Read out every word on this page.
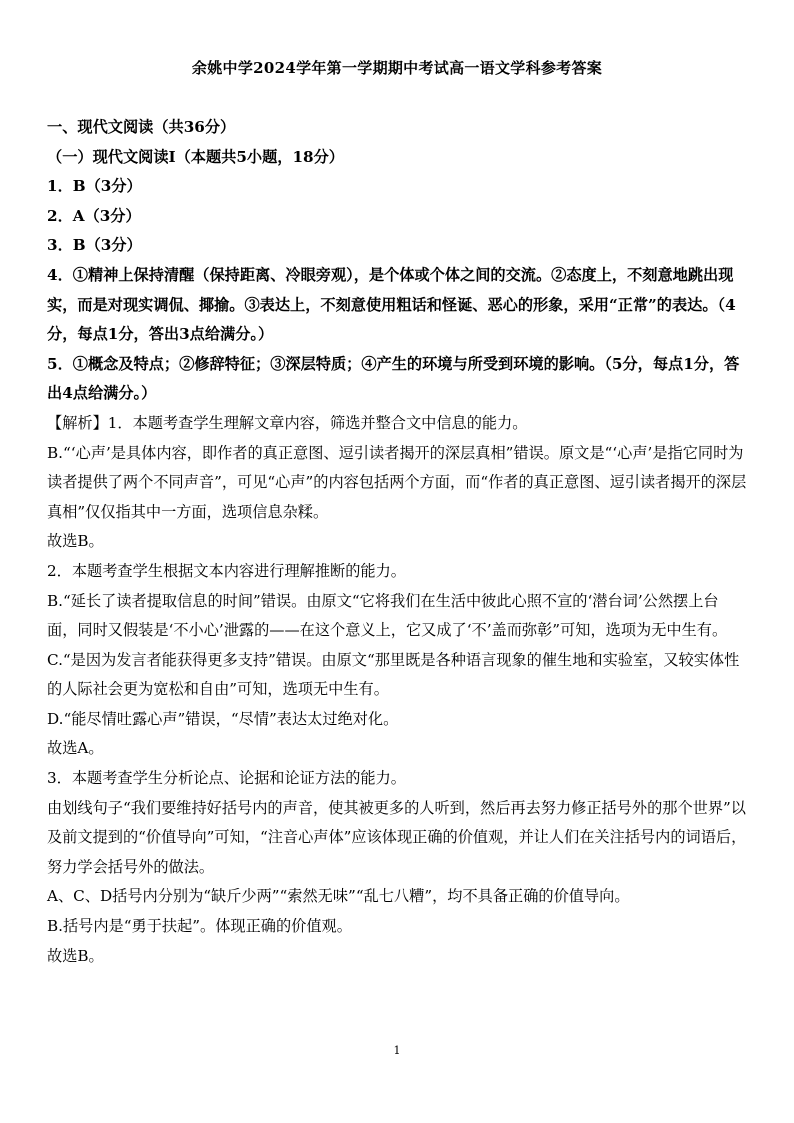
余姚中学2024学年第一学期期中考试高一语文学科参考答案

一、现代文阅读（共36分）

（一）现代文阅读Ⅰ（本题共5小题，18分）

1．B（3分）

2．A（3分）

3．B（3分）

4．①精神上保持清醒（保持距离、冷眼旁观），是个体或个体之间的交流。②态度上，不刻意地跳出现实，而是对现实调侃、揶揄。③表达上，不刻意使用粗话和怪诞、恶心的形象，采用“正常”的表达。（4分，每点1分，答出3点给满分。）

5．①概念及特点；②修辞特征；③深层特质；④产生的环境与所受到环境的影响。（5分，每点1分，答出4点给满分。）

【解析】1．本题考查学生理解文章内容，筛选并整合文中信息的能力。

B.“‘心声’是具体内容，即作者的真正意图、逗引读者揭开的深层真相”错误。原文是“‘心声’是指它同时为读者提供了两个不同声音”，可见“心声”的内容包括两个方面，而“作者的真正意图、逗引读者揭开的深层真相”仅仅指其中一方面，选项信息杂糅。

故选B。

2．本题考查学生根据文本内容进行理解推断的能力。

B.“延长了读者提取信息的时间”错误。由原文“它将我们在生活中彼此心照不宣的‘潜台词’公然摆上台面，同时又假装是‘不小心’泄露的——在这个意义上，它又成了‘不’盖而弥彰”可知，选项为无中生有。

C.“是因为发言者能获得更多支持”错误。由原文“那里既是各种语言现象的催生地和实验室，又较实体性的人际社会更为宽松和自由”可知，选项无中生有。

D.“能尽情吐露心声”错误，“尽情”表达太过绝对化。

故选A。

3．本题考查学生分析论点、论据和论证方法的能力。

由划线句子“我们要维持好括号内的声音，使其被更多的人听到，然后再去努力修正括号外的那个世界”以及前文提到的“价值导向”可知，“注音心声体”应该体现正确的价值观，并让人们在关注括号内的词语后，努力学会括号外的做法。

A、C、D括号内分别为“缺斤少两”“索然无味”“乱七八糟”，均不具备正确的价值导向。

B.括号内是“勇于扶起”。体现正确的价值观。

故选B。

1
